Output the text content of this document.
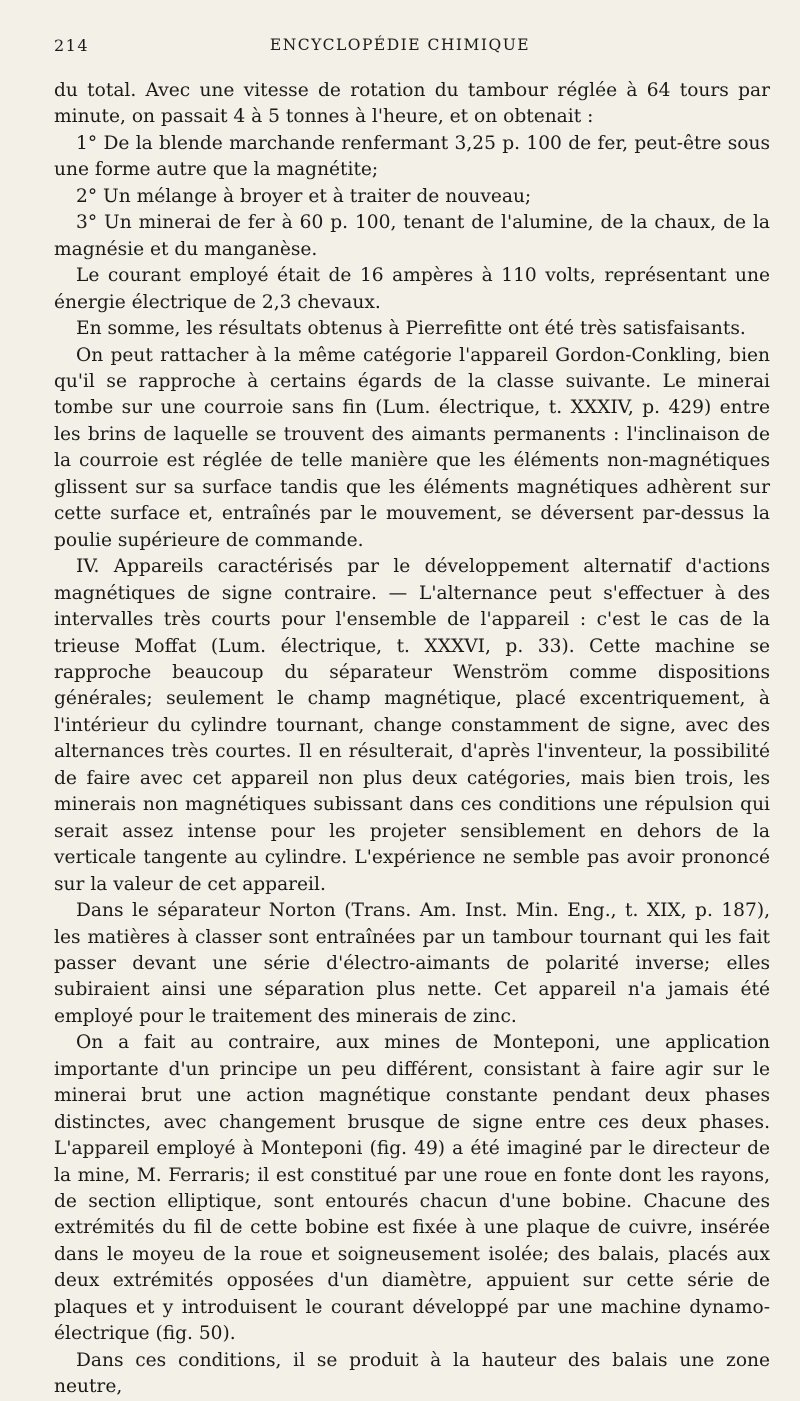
214	ENCYCLOPÉDIE CHIMIQUE

du total. Avec une vitesse de rotation du tambour réglée à 64 tours par minute, on passait 4 à 5 tonnes à l'heure, et on obtenait :

1° De la blende marchande renfermant 3,25 p. 100 de fer, peut-être sous une forme autre que la magnétite;

2° Un mélange à broyer et à traiter de nouveau;

3° Un minerai de fer à 60 p. 100, tenant de l'alumine, de la chaux, de la magnésie et du manganèse.

Le courant employé était de 16 ampères à 110 volts, représentant une énergie électrique de 2,3 chevaux.

En somme, les résultats obtenus à Pierrefitte ont été très satisfaisants.

On peut rattacher à la même catégorie l'appareil Gordon-Conkling, bien qu'il se rapproche à certains égards de la classe suivante. Le minerai tombe sur une courroie sans fin (Lum. électrique, t. XXXIV, p. 429) entre les brins de laquelle se trouvent des aimants permanents : l'inclinaison de la courroie est réglée de telle manière que les éléments non-magnétiques glissent sur sa surface tandis que les éléments magnétiques adhèrent sur cette surface et, entraînés par le mouvement, se déversent par-dessus la poulie supérieure de commande.

IV. Appareils caractérisés par le développement alternatif d'actions magnétiques de signe contraire. — L'alternance peut s'effectuer à des intervalles très courts pour l'ensemble de l'appareil : c'est le cas de la trieuse Moffat (Lum. électrique, t. XXXVI, p. 33). Cette machine se rapproche beaucoup du séparateur Wenström comme dispositions générales; seulement le champ magnétique, placé excentriquement, à l'intérieur du cylindre tournant, change constamment de signe, avec des alternances très courtes. Il en résulterait, d'après l'inventeur, la possibilité de faire avec cet appareil non plus deux catégories, mais bien trois, les minerais non magnétiques subissant dans ces conditions une répulsion qui serait assez intense pour les projeter sensiblement en dehors de la verticale tangente au cylindre. L'expérience ne semble pas avoir prononcé sur la valeur de cet appareil.

Dans le séparateur Norton (Trans. Am. Inst. Min. Eng., t. XIX, p. 187), les matières à classer sont entraînées par un tambour tournant qui les fait passer devant une série d'électro-aimants de polarité inverse; elles subiraient ainsi une séparation plus nette. Cet appareil n'a jamais été employé pour le traitement des minerais de zinc.

On a fait au contraire, aux mines de Monteponi, une application importante d'un principe un peu différent, consistant à faire agir sur le minerai brut une action magnétique constante pendant deux phases distinctes, avec changement brusque de signe entre ces deux phases. L'appareil employé à Monteponi (fig. 49) a été imaginé par le directeur de la mine, M. Ferraris; il est constitué par une roue en fonte dont les rayons, de section elliptique, sont entourés chacun d'une bobine. Chacune des extrémités du fil de cette bobine est fixée à une plaque de cuivre, insérée dans le moyeu de la roue et soigneusement isolée; des balais, placés aux deux extrémités opposées d'un diamètre, appuient sur cette série de plaques et y introduisent le courant développé par une machine dynamo-électrique (fig. 50).

Dans ces conditions, il se produit à la hauteur des balais une zone neutre,
